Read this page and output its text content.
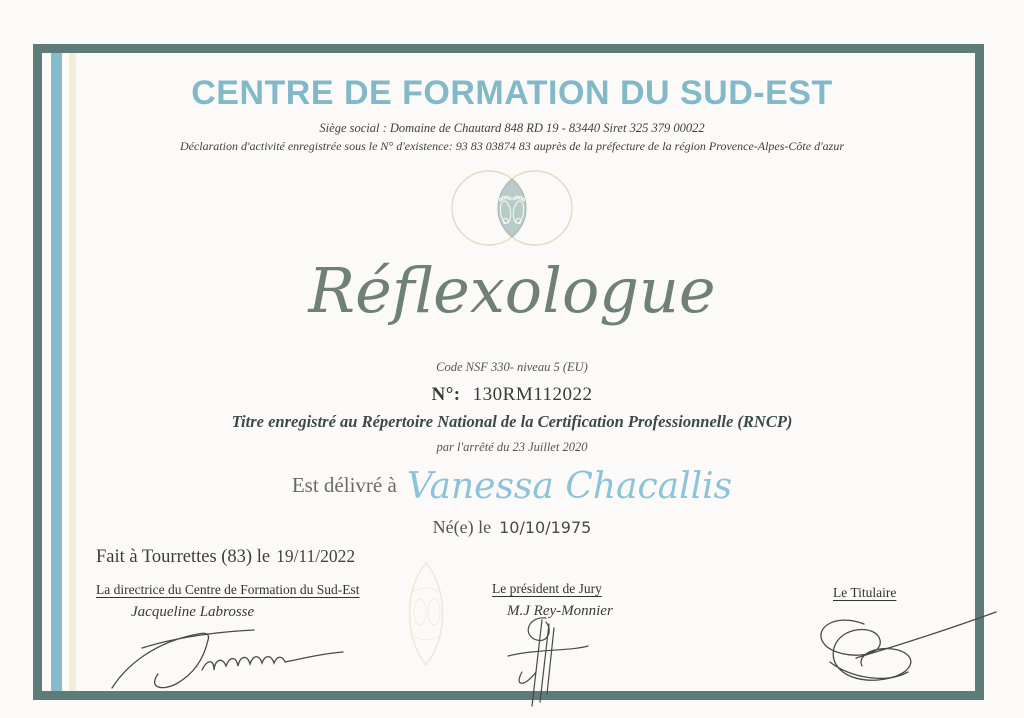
CENTRE DE FORMATION DU SUD-EST
Siège social : Domaine de Chautard 848 RD 19 - 83440 Siret 325 379 00022
Déclaration d'activité enregistrée sous le N° d'existence: 93 83 03874 83 auprès de la préfecture de la région Provence-Alpes-Côte d'azur
Réflexologue
Code NSF 330- niveau 5 (EU)
N°: 130RM112022
Titre enregistré au Répertoire National de la Certification Professionnelle (RNCP)
par l'arrêté du 23 Juillet 2020
Est délivré à Vanessa Chacallis
Né(e) le 10/10/1975
Fait à Tourrettes (83) le 19/11/2022
La directrice du Centre de Formation du Sud-Est
Jacqueline Labrosse
Le président de Jury
M.J Rey-Monnier
Le Titulaire
